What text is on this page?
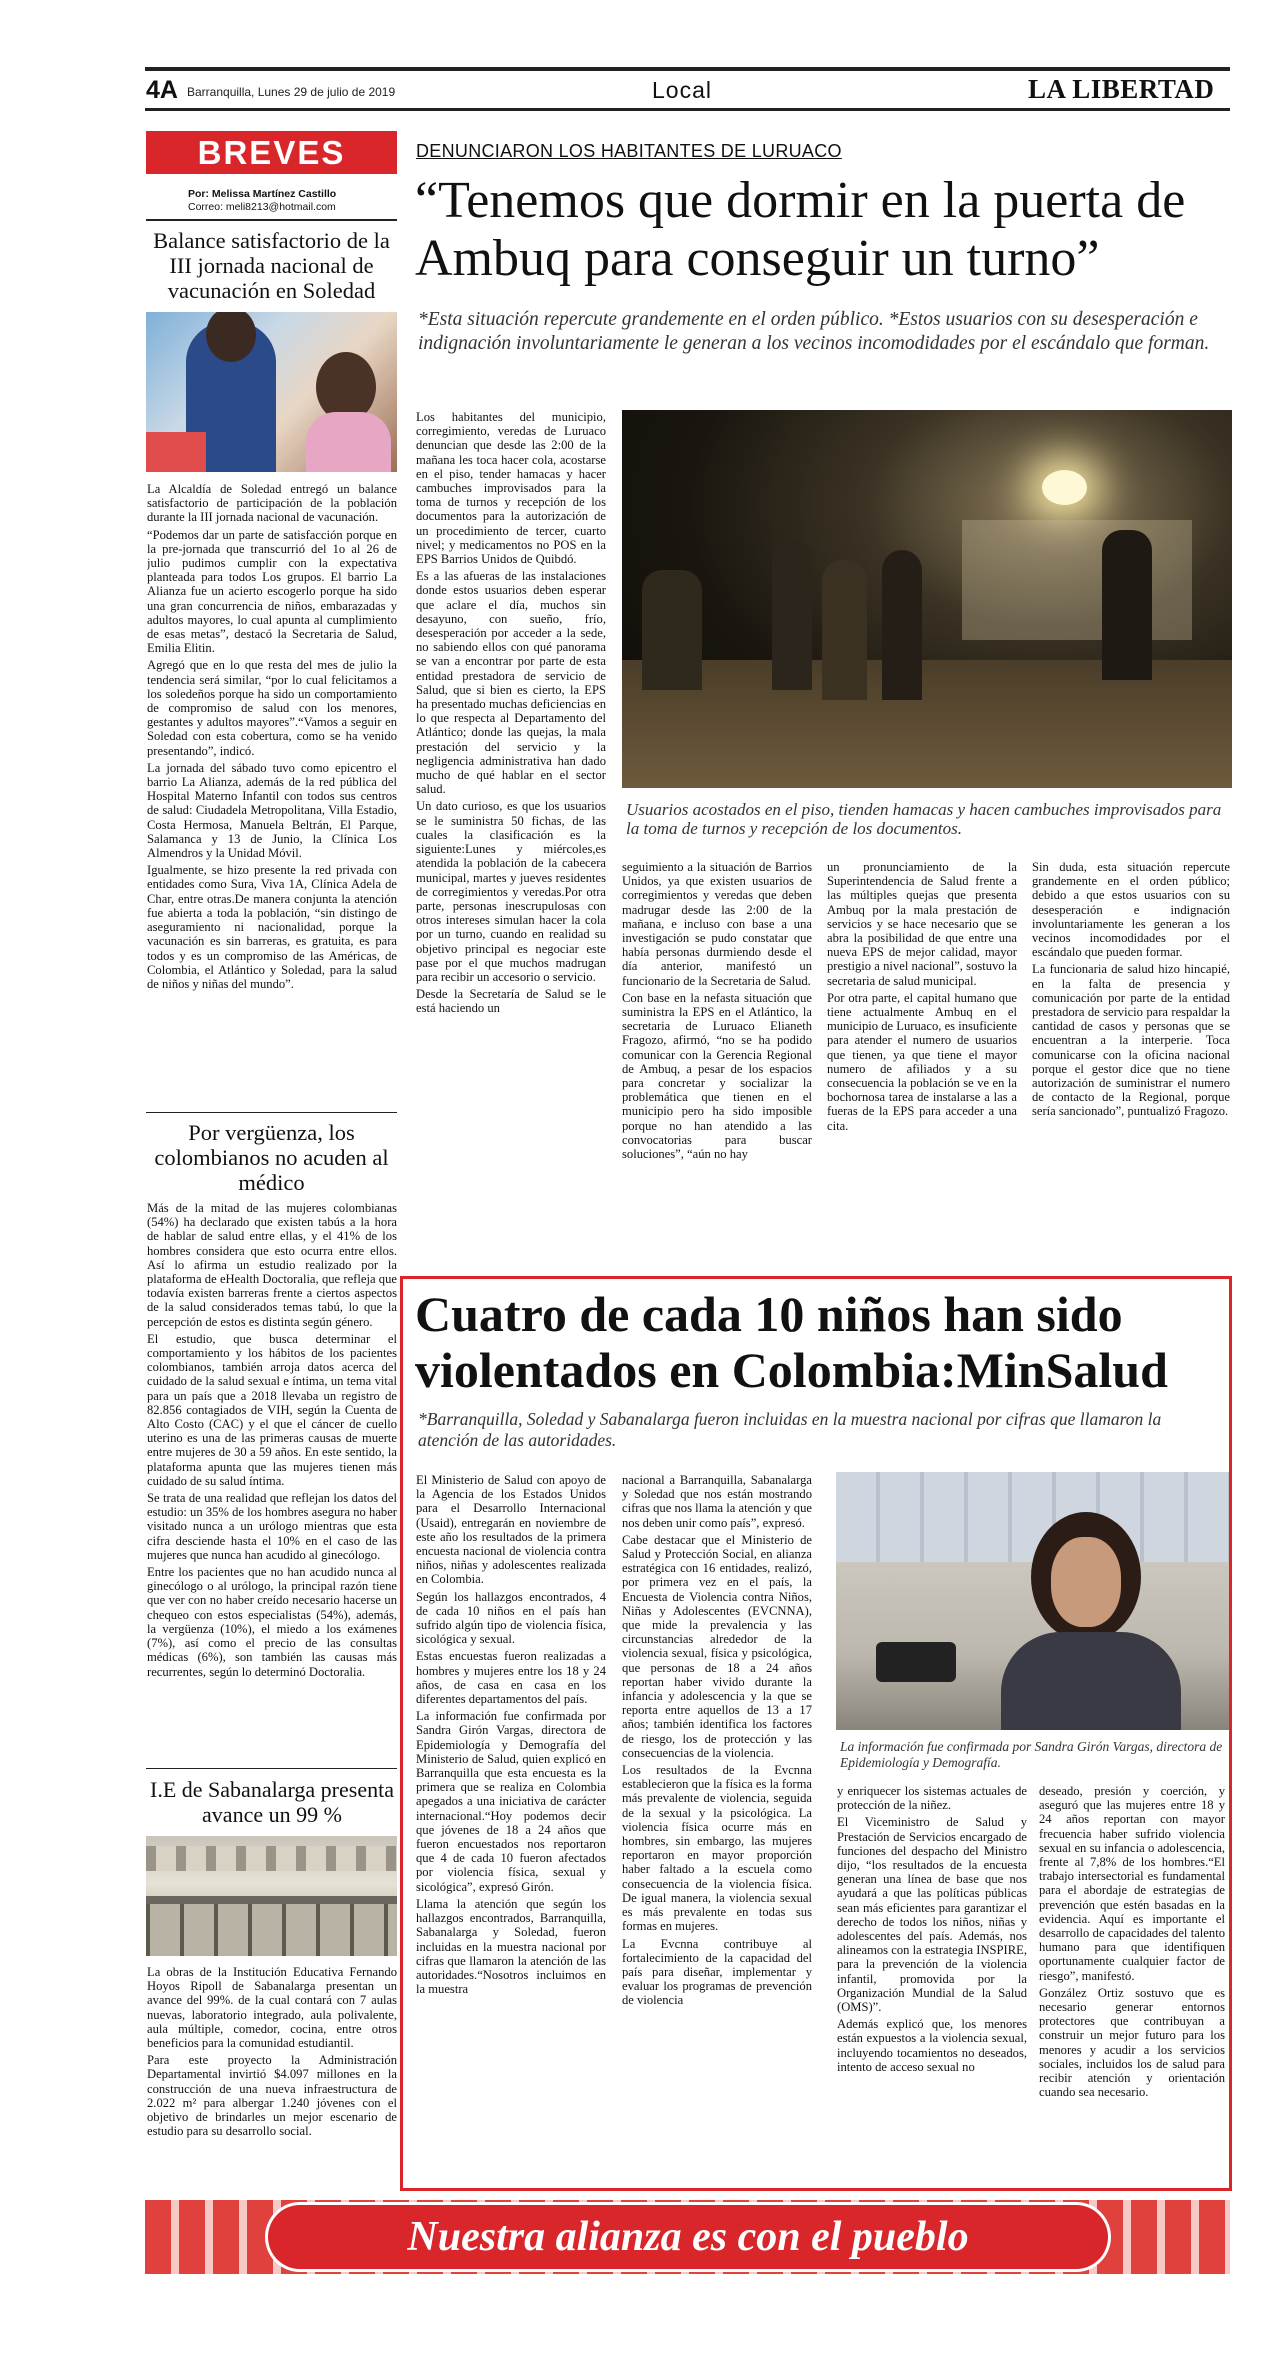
4A Barranquilla, Lunes 29 de julio de 2019	Local	LA LIBERTAD
BREVES
Por: Melissa Martínez Castillo
Correo: meli8213@hotmail.com
Balance satisfactorio de la III jornada nacional de vacunación en Soledad

La Alcaldía de Soledad entregó un balance satisfactorio de participación de la población durante la III jornada nacional de vacunación.

“Podemos dar un parte de satisfacción porque en la pre-jornada que transcurrió del 1o al 26 de julio pudimos cumplir con la expectativa planteada para todos Los grupos. El barrio La Alianza fue un acierto escogerlo porque ha sido una gran concurrencia de niños, embarazadas y adultos mayores, lo cual apunta al cumplimiento de esas metas”, destacó la Secretaria de Salud, Emilia Elitin.

Agregó que en lo que resta del mes de julio la tendencia será similar, “por lo cual felicitamos a los soledeños porque ha sido un comportamiento de compromiso de salud con los menores, gestantes y adultos mayores”.“Vamos a seguir en Soledad con esta cobertura, como se ha venido presentando”, indicó.

La jornada del sábado tuvo como epicentro el barrio La Alianza, además de la red pública del Hospital Materno Infantil con todos sus centros de salud: Ciudadela Metropolitana, Villa Estadio, Costa Hermosa, Manuela Beltrán, El Parque, Salamanca y 13 de Junio, la Clínica Los Almendros y la Unidad Móvil.

Igualmente, se hizo presente la red privada con entidades como Sura, Viva 1A, Clínica Adela de Char, entre otras.De manera conjunta la atención fue abierta a toda la población, “sin distingo de aseguramiento ni nacionalidad, porque la vacunación es sin barreras, es gratuita, es para todos y es un compromiso de las Américas, de Colombia, el Atlántico y Soledad, para la salud de niños y niñas del mundo”.

Por vergüenza, los colombianos no acuden al médico

Más de la mitad de las mujeres colombianas (54%) ha declarado que existen tabús a la hora de hablar de salud entre ellas, y el 41% de los hombres considera que esto ocurra entre ellos. Así lo afirma un estudio realizado por la plataforma de eHealth Doctoralia, que refleja que todavía existen barreras frente a ciertos aspectos de la salud considerados temas tabú, lo que la percepción de estos es distinta según género.

El estudio, que busca determinar el comportamiento y los hábitos de los pacientes colombianos, también arroja datos acerca del cuidado de la salud sexual e íntima, un tema vital para un país que a 2018 llevaba un registro de 82.856 contagiados de VIH, según la Cuenta de Alto Costo (CAC) y el que el cáncer de cuello uterino es una de las primeras causas de muerte entre mujeres de 30 a 59 años. En este sentido, la plataforma apunta que las mujeres tienen más cuidado de su salud íntima.

Se trata de una realidad que reflejan los datos del estudio: un 35% de los hombres asegura no haber visitado nunca a un urólogo mientras que esta cifra desciende hasta el 10% en el caso de las mujeres que nunca han acudido al ginecólogo.

Entre los pacientes que no han acudido nunca al ginecólogo o al urólogo, la principal razón tiene que ver con no haber creído necesario hacerse un chequeo con estos especialistas (54%), además, la vergüenza (10%), el miedo a los exámenes (7%), así como el precio de las consultas médicas (6%), son también las causas más recurrentes, según lo determinó Doctoralia.

I.E de Sabanalarga presenta avance un 99 %

La obras de la Institución Educativa Fernando Hoyos Ripoll de Sabanalarga presentan un avance del 99%. de la cual contará con 7 aulas nuevas, laboratorio integrado, aula polivalente, aula múltiple, comedor, cocina, entre otros beneficios para la comunidad estudiantil.

Para este proyecto la Administración Departamental invirtió $4.097 millones en la construcción de una nueva infraestructura de 2.022 m² para albergar 1.240 jóvenes con el objetivo de brindarles un mejor escenario de estudio para su desarrollo social.

DENUNCIARON LOS HABITANTES DE LURUACO
“Tenemos que dormir en la puerta de Ambuq para conseguir un turno”
*Esta situación repercute grandemente en el orden público. *Estos usuarios con su desesperación e indignación involuntariamente le generan a los vecinos incomodidades por el escándalo que forman.

Los habitantes del municipio, corregimiento, veredas de Luruaco denuncian que desde las 2:00 de la mañana les toca hacer cola, acostarse en el piso, tender hamacas y hacer cambuches improvisados para la toma de turnos y recepción de los documentos para la autorización de un procedimiento de tercer, cuarto nivel; y medicamentos no POS en la EPS Barrios Unidos de Quibdó.

Es a las afueras de las instalaciones donde estos usuarios deben esperar que aclare el día, muchos sin desayuno, con sueño, frío, desesperación por acceder a la sede, no sabiendo ellos con qué panorama se van a encontrar por parte de esta entidad prestadora de servicio de Salud, que si bien es cierto, la EPS ha presentado muchas deficiencias en lo que respecta al Departamento del Atlántico; donde las quejas, la mala prestación del servicio y la negligencia administrativa han dado mucho de qué hablar en el sector salud.

Un dato curioso, es que los usuarios se le suministra 50 fichas, de las cuales la clasificación es la siguiente:Lunes y miércoles,es atendida la población de la cabecera municipal, martes y jueves residentes de corregimientos y veredas.Por otra parte, personas inescrupulosas con otros intereses simulan hacer la cola por un turno, cuando en realidad su objetivo principal es negociar este pase por el que muchos madrugan para recibir un accesorio o servicio.

Desde la Secretaría de Salud se le está haciendo un

Usuarios acostados en el piso, tienden hamacas y hacen cambuches improvisados para la toma de turnos y recepción de los documentos.

seguimiento a la situación de Barrios Unidos, ya que existen usuarios de corregimientos y veredas que deben madrugar desde las 2:00 de la mañana, e incluso con base a una investigación se pudo constatar que había personas durmiendo desde el día anterior, manifestó un funcionario de la Secretaria de Salud.

Con base en la nefasta situación que suministra la EPS en el Atlántico, la secretaria de Luruaco Elianeth Fragozo, afirmó, “no se ha podido comunicar con la Gerencia Regional de Ambuq, a pesar de los espacios para concretar y socializar la problemática que tienen en el municipio pero ha sido imposible porque no han atendido a las convocatorias para buscar soluciones”, “aún no hay

un pronunciamiento de la Superintendencia de Salud frente a las múltiples quejas que presenta Ambuq por la mala prestación de servicios y se hace necesario que se abra la posibilidad de que entre una nueva EPS de mejor calidad, mayor prestigio a nivel nacional”, sostuvo la secretaria de salud municipal.

Por otra parte, el capital humano que tiene actualmente Ambuq en el municipio de Luruaco, es insuficiente para atender el numero de usuarios que tienen, ya que tiene el mayor numero de afiliados y a su consecuencia la población se ve en la bochornosa tarea de instalarse a las a fueras de la EPS para acceder a una cita.

Sin duda, esta situación repercute grandemente en el orden público; debido a que estos usuarios con su desesperación e indignación involuntariamente les generan a los vecinos incomodidades por el escándalo que pueden formar.

La funcionaria de salud hizo hincapié, en la falta de presencia y comunicación por parte de la entidad prestadora de servicio para respaldar la cantidad de casos y personas que se encuentran a la interperie. Toca comunicarse con la oficina nacional porque el gestor dice que no tiene autorización de suministrar el numero de contacto de la Regional, porque sería sancionado”, puntualizó Fragozo.

Cuatro de cada 10 niños han sido violentados en Colombia:MinSalud
*Barranquilla, Soledad y Sabanalarga fueron incluidas en la muestra nacional por cifras que llamaron la atención de las autoridades.

El Ministerio de Salud con apoyo de la Agencia de los Estados Unidos para el Desarrollo Internacional (Usaid), entregarán en noviembre de este año los resultados de la primera encuesta nacional de violencia contra niños, niñas y adolescentes realizada en Colombia.

Según los hallazgos encontrados, 4 de cada 10 niños en el país han sufrido algún tipo de violencia física, sicológica y sexual.

Estas encuestas fueron realizadas a hombres y mujeres entre los 18 y 24 años, de casa en casa en los diferentes departamentos del país.

La información fue confirmada por Sandra Girón Vargas, directora de Epidemiología y Demografía del Ministerio de Salud, quien explicó en Barranquilla que esta encuesta es la primera que se realiza en Colombia apegados a una iniciativa de carácter internacional.“Hoy podemos decir que jóvenes de 18 a 24 años que fueron encuestados nos reportaron que 4 de cada 10 fueron afectados por violencia física, sexual y sicológica”, expresó Girón.

Llama la atención que según los hallazgos encontrados, Barranquilla, Sabanalarga y Soledad, fueron incluidas en la muestra nacional por cifras que llamaron la atención de las autoridades.“Nosotros incluimos en la muestra

nacional a Barranquilla, Sabanalarga y Soledad que nos están mostrando cifras que nos llama la atención y que nos deben unir como país”, expresó.

Cabe destacar que el Ministerio de Salud y Protección Social, en alianza estratégica con 16 entidades, realizó, por primera vez en el país, la Encuesta de Violencia contra Niños, Niñas y Adolescentes (EVCNNA), que mide la prevalencia y las circunstancias alrededor de la violencia sexual, física y psicológica, que personas de 18 a 24 años reportan haber vivido durante la infancia y adolescencia y la que se reporta entre aquellos de 13 a 17 años; también identifica los factores de riesgo, los de protección y las consecuencias de la violencia.

Los resultados de la Evcnna establecieron que la física es la forma más prevalente de violencia, seguida de la sexual y la psicológica. La violencia física ocurre más en hombres, sin embargo, las mujeres reportaron en mayor proporción haber faltado a la escuela como consecuencia de la violencia física. De igual manera, la violencia sexual es más prevalente en todas sus formas en mujeres.

La Evcnna contribuye al fortalecimiento de la capacidad del país para diseñar, implementar y evaluar los programas de prevención de violencia

La información fue confirmada por Sandra Girón Vargas, directora de Epidemiología y Demografía.

y enriquecer los sistemas actuales de protección de la niñez.

El Viceministro de Salud y Prestación de Servicios encargado de funciones del despacho del Ministro dijo, “los resultados de la encuesta generan una línea de base que nos ayudará a que las políticas públicas sean más eficientes para garantizar el derecho de todos los niños, niñas y adolescentes del país. Además, nos alineamos con la estrategia INSPIRE, para la prevención de la violencia infantil, promovida por la Organización Mundial de la Salud (OMS)”.

Además explicó que, los menores están expuestos a la violencia sexual, incluyendo tocamientos no deseados, intento de acceso sexual no

deseado, presión y coerción, y aseguró que las mujeres entre 18 y 24 años reportan con mayor frecuencia haber sufrido violencia sexual en su infancia o adolescencia, frente al 7,8% de los hombres.“El trabajo intersectorial es fundamental para el abordaje de estrategias de prevención que estén basadas en la evidencia. Aquí es importante el desarrollo de capacidades del talento humano para que identifiquen oportunamente cualquier factor de riesgo”, manifestó.

González Ortiz sostuvo que es necesario generar entornos protectores que contribuyan a construir un mejor futuro para los menores y acudir a los servicios sociales, incluidos los de salud para recibir atención y orientación cuando sea necesario.

Nuestra alianza es con el pueblo
